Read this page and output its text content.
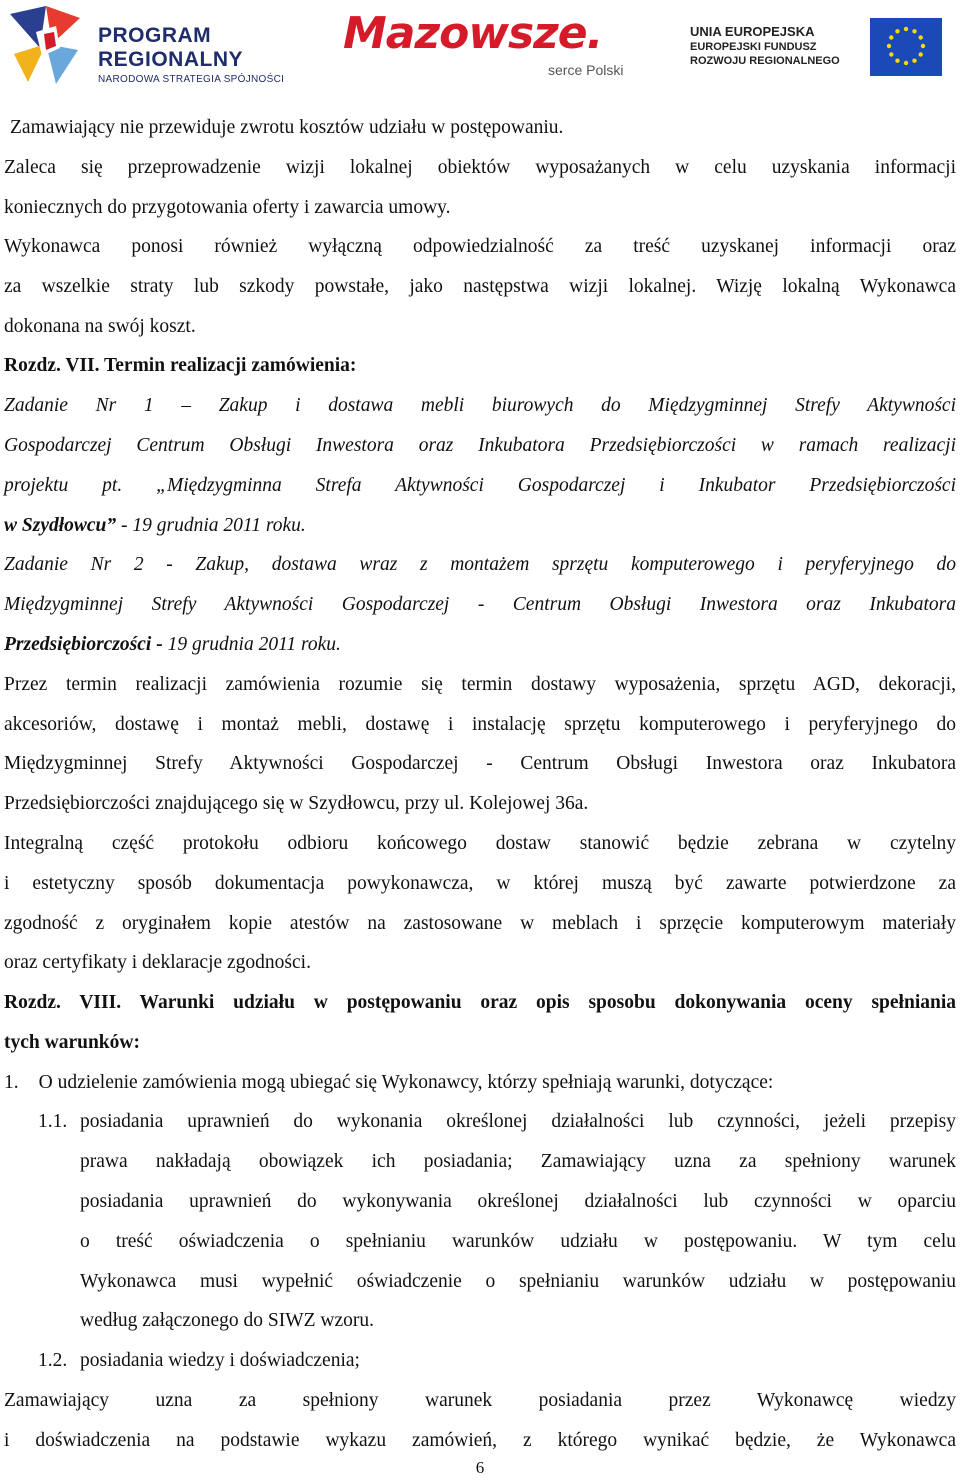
PROGRAM
REGIONALNY
NARODOWA STRATEGIA SPÓJNOŚCI
Mazowsze.
serce Polski
UNIA EUROPEJSKA
EUROPEJSKI FUNDUSZ
ROZWOJU REGIONALNEGO
Zamawiający nie przewiduje zwrotu kosztów udziału w postępowaniu.
Zaleca się przeprowadzenie wizji lokalnej obiektów wyposażanych w celu uzyskania informacji
koniecznych do przygotowania oferty i zawarcia umowy.
Wykonawca ponosi również wyłączną odpowiedzialność za treść uzyskanej informacji oraz
za wszelkie straty lub szkody powstałe, jako następstwa wizji lokalnej. Wizję lokalną Wykonawca
dokonana na swój koszt.
Rozdz. VII. Termin realizacji zamówienia:
Zadanie Nr 1 – Zakup i dostawa mebli biurowych do Międzygminnej Strefy Aktywności
Gospodarczej Centrum Obsługi Inwestora oraz Inkubatora Przedsiębiorczości w ramach realizacji
projektu pt. „Międzygminna Strefa Aktywności Gospodarczej i Inkubator Przedsiębiorczości
w Szydłowcu” - 19 grudnia 2011 roku.
Zadanie Nr 2 - Zakup, dostawa wraz z montażem sprzętu komputerowego i peryferyjnego do
Międzygminnej Strefy Aktywności Gospodarczej - Centrum Obsługi Inwestora oraz Inkubatora
Przedsiębiorczości - 19 grudnia 2011 roku.
Przez termin realizacji zamówienia rozumie się termin dostawy wyposażenia, sprzętu AGD, dekoracji,
akcesoriów, dostawę i montaż mebli, dostawę i instalację sprzętu komputerowego i peryferyjnego do
Międzygminnej Strefy Aktywności Gospodarczej - Centrum Obsługi Inwestora oraz Inkubatora
Przedsiębiorczości znajdującego się w Szydłowcu, przy ul. Kolejowej 36a.
Integralną część protokołu odbioru końcowego dostaw stanowić będzie zebrana w czytelny
i estetyczny sposób dokumentacja powykonawcza, w której muszą być zawarte potwierdzone za
zgodność z oryginałem kopie atestów na zastosowane w meblach i sprzęcie komputerowym materiały
oraz certyfikaty i deklaracje zgodności.
Rozdz. VIII. Warunki udziału w postępowaniu oraz opis sposobu dokonywania oceny spełniania
tych warunków:
1. O udzielenie zamówienia mogą ubiegać się Wykonawcy, którzy spełniają warunki, dotyczące:
1.1. posiadania uprawnień do wykonania określonej działalności lub czynności, jeżeli przepisy
prawa nakładają obowiązek ich posiadania; Zamawiający uzna za spełniony warunek
posiadania uprawnień do wykonywania określonej działalności lub czynności w oparciu
o treść oświadczenia o spełnianiu warunków udziału w postępowaniu. W tym celu
Wykonawca musi wypełnić oświadczenie o spełnianiu warunków udziału w postępowaniu
według załączonego do SIWZ wzoru.
1.2. posiadania wiedzy i doświadczenia;
Zamawiający uzna za spełniony warunek posiadania przez Wykonawcę wiedzy
i doświadczenia na podstawie wykazu zamówień, z którego wynikać będzie, że Wykonawca
6
